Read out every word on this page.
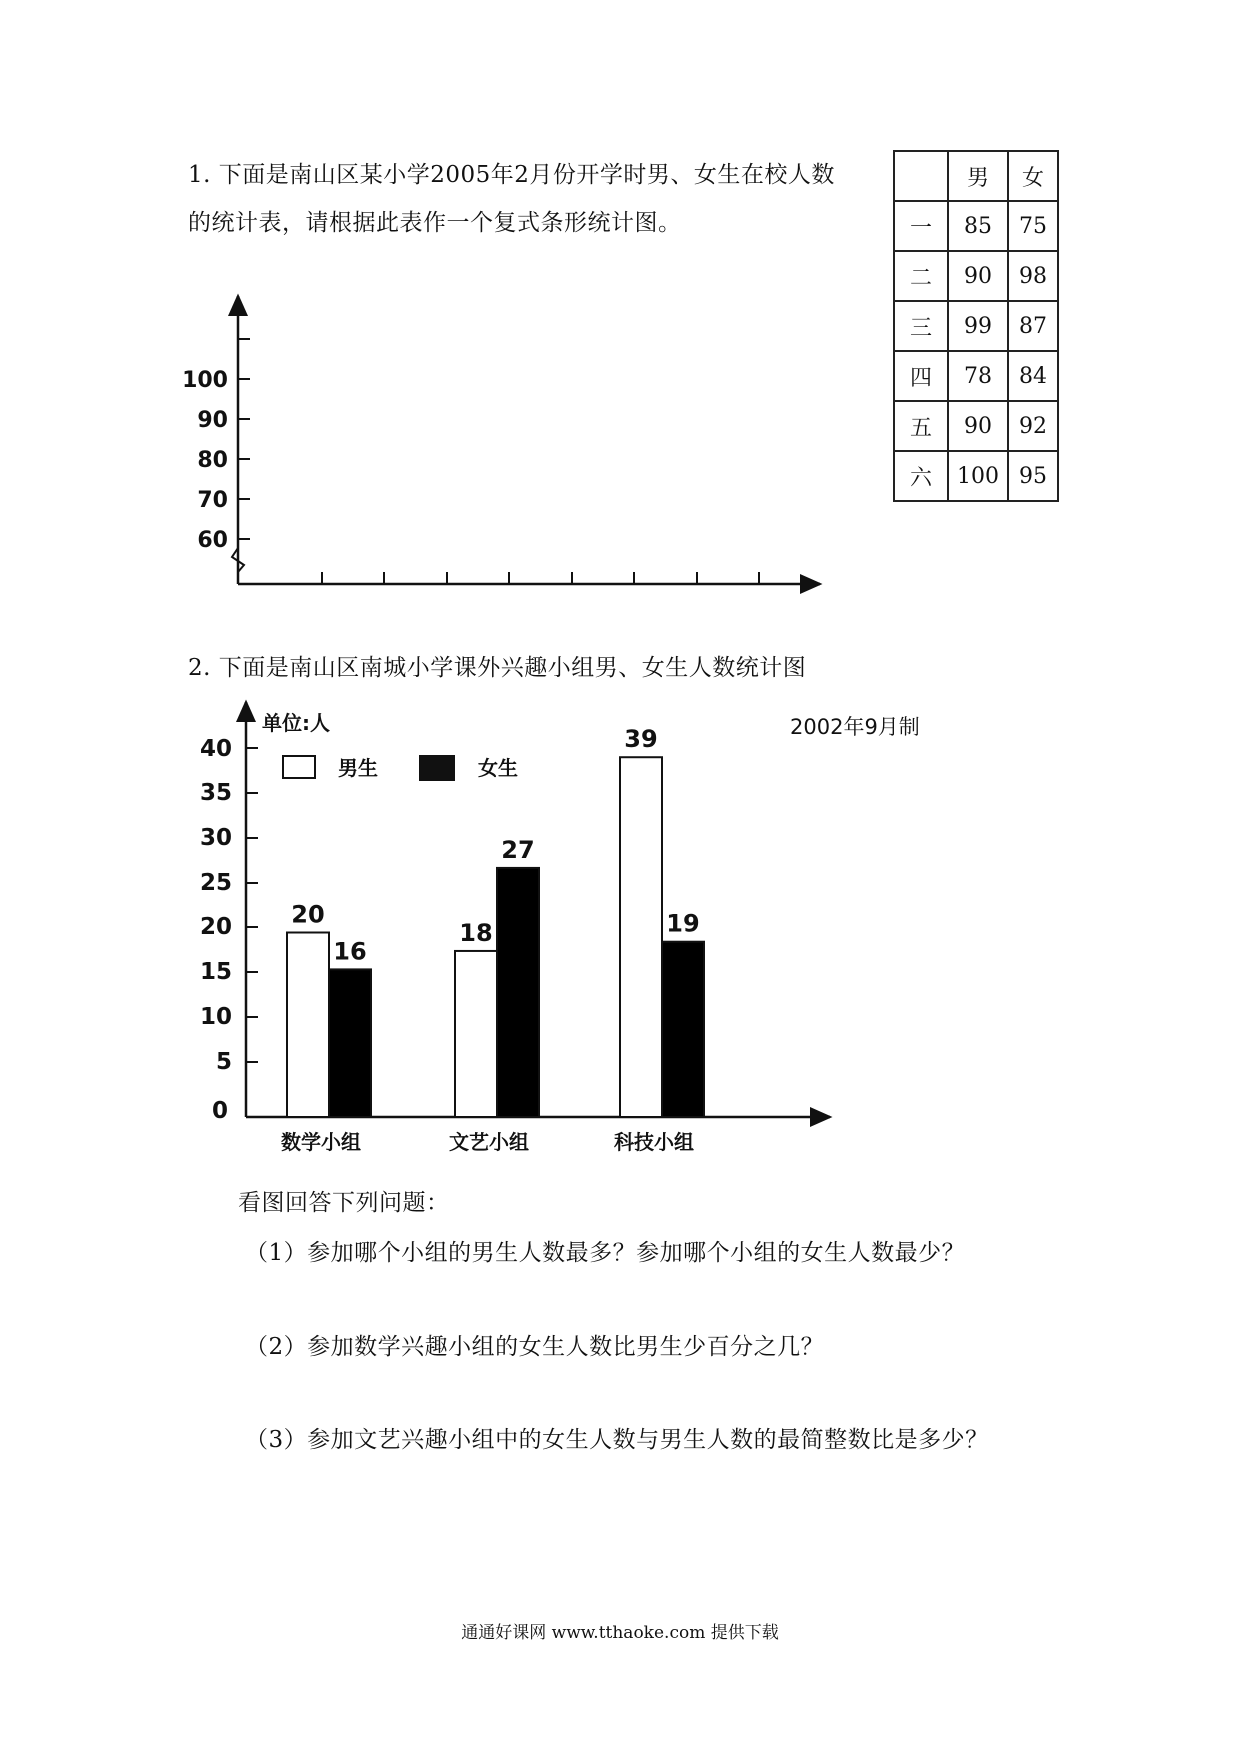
1. 下面是南山区某小学2005年2月份开学时男、女生在校人数
的统计表，请根据此表作一个复式条形统计图。
	男	女
一	85	75
二	90	98
三	99	87
四	78	84
五	90	92
六	100	95
100
90
80
70
60
2. 下面是南山区南城小学课外兴趣小组男、女生人数统计图
单位:人	2002年9月制
男生	女生
40
35
30
25
20
15
10
5
0
20
16
数学小组
18
27
文艺小组
39
19
科技小组
看图回答下列问题：
（1）参加哪个小组的男生人数最多？参加哪个小组的女生人数最少？
（2）参加数学兴趣小组的女生人数比男生少百分之几？
（3）参加文艺兴趣小组中的女生人数与男生人数的最简整数比是多少？
通通好课网 www.tthaoke.com 提供下载
